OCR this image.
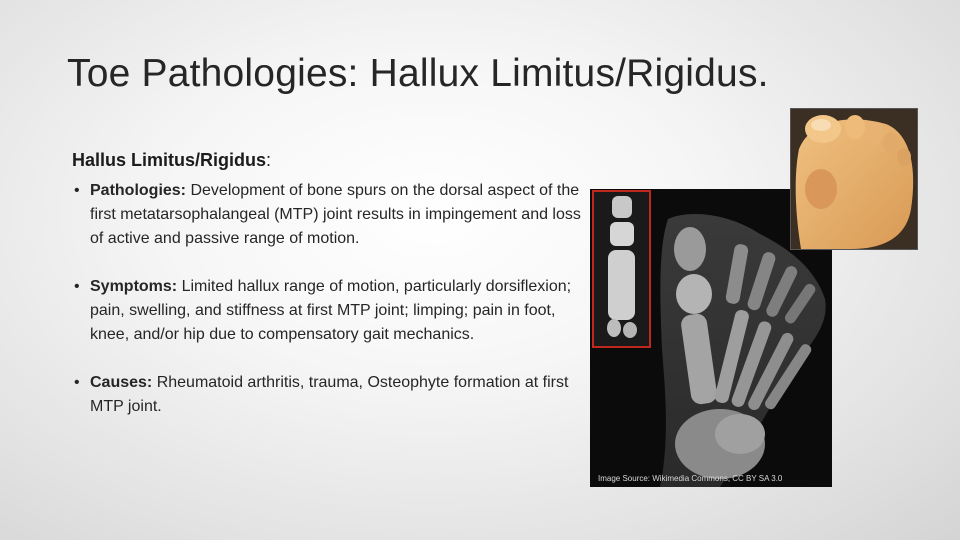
Toe Pathologies: Hallux Limitus/Rigidus.
Hallus Limitus/Rigidus:
• Pathologies: Development of bone spurs on the dorsal aspect of the first metatarsophalangeal (MTP) joint results in impingement and loss of active and passive range of motion.
• Symptoms: Limited hallux range of motion, particularly dorsiflexion; pain, swelling, and stiffness at first MTP joint; limping; pain in foot, knee, and/or hip due to compensatory gait mechanics.
• Causes: Rheumatoid arthritis, trauma, Osteophyte formation at first MTP joint.
Image Source: Wikimedia Commons, CC BY SA 3.0
